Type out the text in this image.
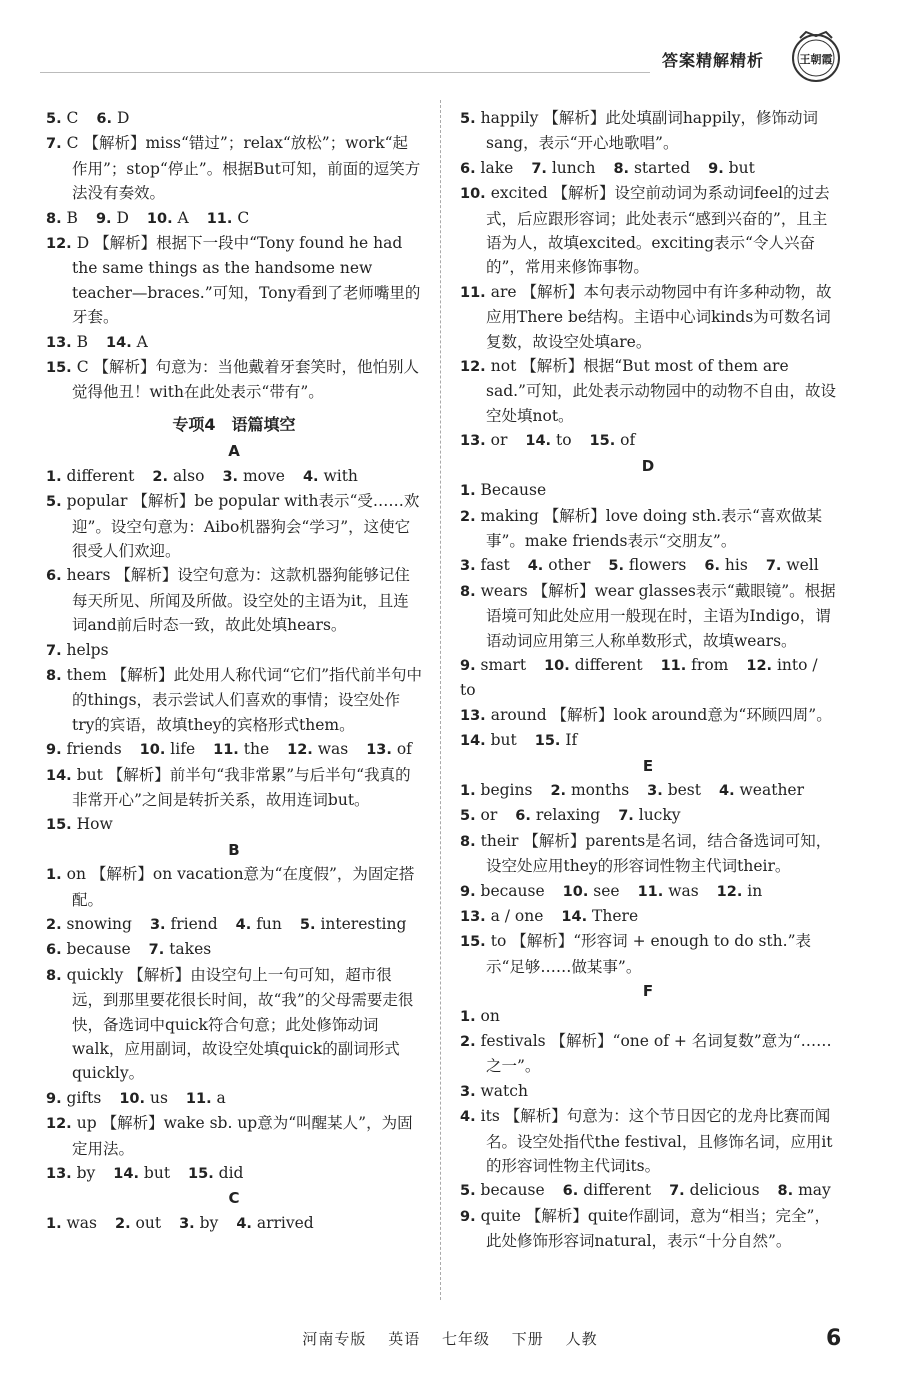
答案精解精析	王朝霞

5. C 6. D

7. C 【解析】miss“错过”；relax“放松”；work“起作用”；stop“停止”。根据But可知，前面的逗笑方法没有奏效。

8. B 9. D 10. A 11. C

12. D 【解析】根据下一段中“Tony found he had the same things as the handsome new teacher—braces.”可知，Tony看到了老师嘴里的牙套。

13. B 14. A

15. C 【解析】句意为：当他戴着牙套笑时，他怕别人觉得他丑！with在此处表示“带有”。

专项4　语篇填空
A

1. different 2. also 3. move 4. with

5. popular 【解析】be popular with表示“受……欢迎”。设空句意为：Aibo机器狗会“学习”，这使它很受人们欢迎。

6. hears 【解析】设空句意为：这款机器狗能够记住每天所见、所闻及所做。设空处的主语为it，且连词and前后时态一致，故此处填hears。

7. helps

8. them 【解析】此处用人称代词“它们”指代前半句中的things，表示尝试人们喜欢的事情；设空处作try的宾语，故填they的宾格形式them。

9. friends 10. life 11. the 12. was 13. of

14. but 【解析】前半句“我非常累”与后半句“我真的非常开心”之间是转折关系，故用连词but。

15. How

B

1. on 【解析】on vacation意为“在度假”，为固定搭配。

2. snowing 3. friend 4. fun 5. interesting

6. because 7. takes

8. quickly 【解析】由设空句上一句可知，超市很远，到那里要花很长时间，故“我”的父母需要走很快，备选词中quick符合句意；此处修饰动词walk，应用副词，故设空处填quick的副词形式quickly。

9. gifts 10. us 11. a

12. up 【解析】wake sb. up意为“叫醒某人”，为固定用法。

13. by 14. but 15. did

C

1. was 2. out 3. by 4. arrived

5. happily 【解析】此处填副词happily，修饰动词sang，表示“开心地歌唱”。

6. lake 7. lunch 8. started 9. but

10. excited 【解析】设空前动词为系动词feel的过去式，后应跟形容词；此处表示“感到兴奋的”，且主语为人，故填excited。exciting表示“令人兴奋的”，常用来修饰事物。

11. are 【解析】本句表示动物园中有许多种动物，故应用There be结构。主语中心词kinds为可数名词复数，故设空处填are。

12. not 【解析】根据“But most of them are sad.”可知，此处表示动物园中的动物不自由，故设空处填not。

13. or 14. to 15. of

D

1. Because

2. making 【解析】love doing sth.表示“喜欢做某事”。make friends表示“交朋友”。

3. fast 4. other 5. flowers 6. his 7. well

8. wears 【解析】wear glasses表示“戴眼镜”。根据语境可知此处应用一般现在时，主语为Indigo，谓语动词应用第三人称单数形式，故填wears。

9. smart 10. different 11. from 12. into / to

13. around 【解析】look around意为“环顾四周”。

14. but 15. If

E

1. begins 2. months 3. best 4. weather

5. or 6. relaxing 7. lucky

8. their 【解析】parents是名词，结合备选词可知，设空处应用they的形容词性物主代词their。

9. because 10. see 11. was 12. in

13. a / one 14. There

15. to 【解析】“形容词 + enough to do sth.”表示“足够……做某事”。

F

1. on

2. festivals 【解析】“one of + 名词复数”意为“……之一”。

3. watch

4. its 【解析】句意为：这个节日因它的龙舟比赛而闻名。设空处指代the festival，且修饰名词，应用it的形容词性物主代词its。

5. because 6. different 7. delicious 8. may

9. quite 【解析】quite作副词，意为“相当；完全”，此处修饰形容词natural，表示“十分自然”。

河南专版 英语 七年级 下册 人教	6
